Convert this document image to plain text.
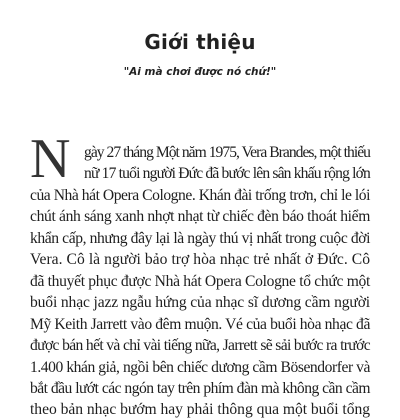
Giới thiệu
"Ai mà chơi được nó chứ!"
N gày 27 tháng Một năm 1975, Vera Brandes, một thiếu
nữ 17 tuổi người Đức đã bước lên sân khấu rộng lớn
của Nhà hát Opera Cologne. Khán đài trống trơn, chỉ le lói
chút ánh sáng xanh nhợt nhạt từ chiếc đèn báo thoát hiểm
khẩn cấp, nhưng đây lại là ngày thú vị nhất trong cuộc đời
Vera. Cô là người bảo trợ hòa nhạc trẻ nhất ở Đức. Cô
đã thuyết phục được Nhà hát Opera Cologne tổ chức một
buổi nhạc jazz ngẫu hứng của nhạc sĩ dương cầm người
Mỹ Keith Jarrett vào đêm muộn. Vé của buổi hòa nhạc đã
được bán hết và chỉ vài tiếng nữa, Jarrett sẽ sải bước ra trước
1.400 khán giả, ngồi bên chiếc dương cầm Bösendorfer và
bắt đầu lướt các ngón tay trên phím đàn mà không cần cầm
theo bản nhạc bướm hay phải thông qua một buổi tổng
